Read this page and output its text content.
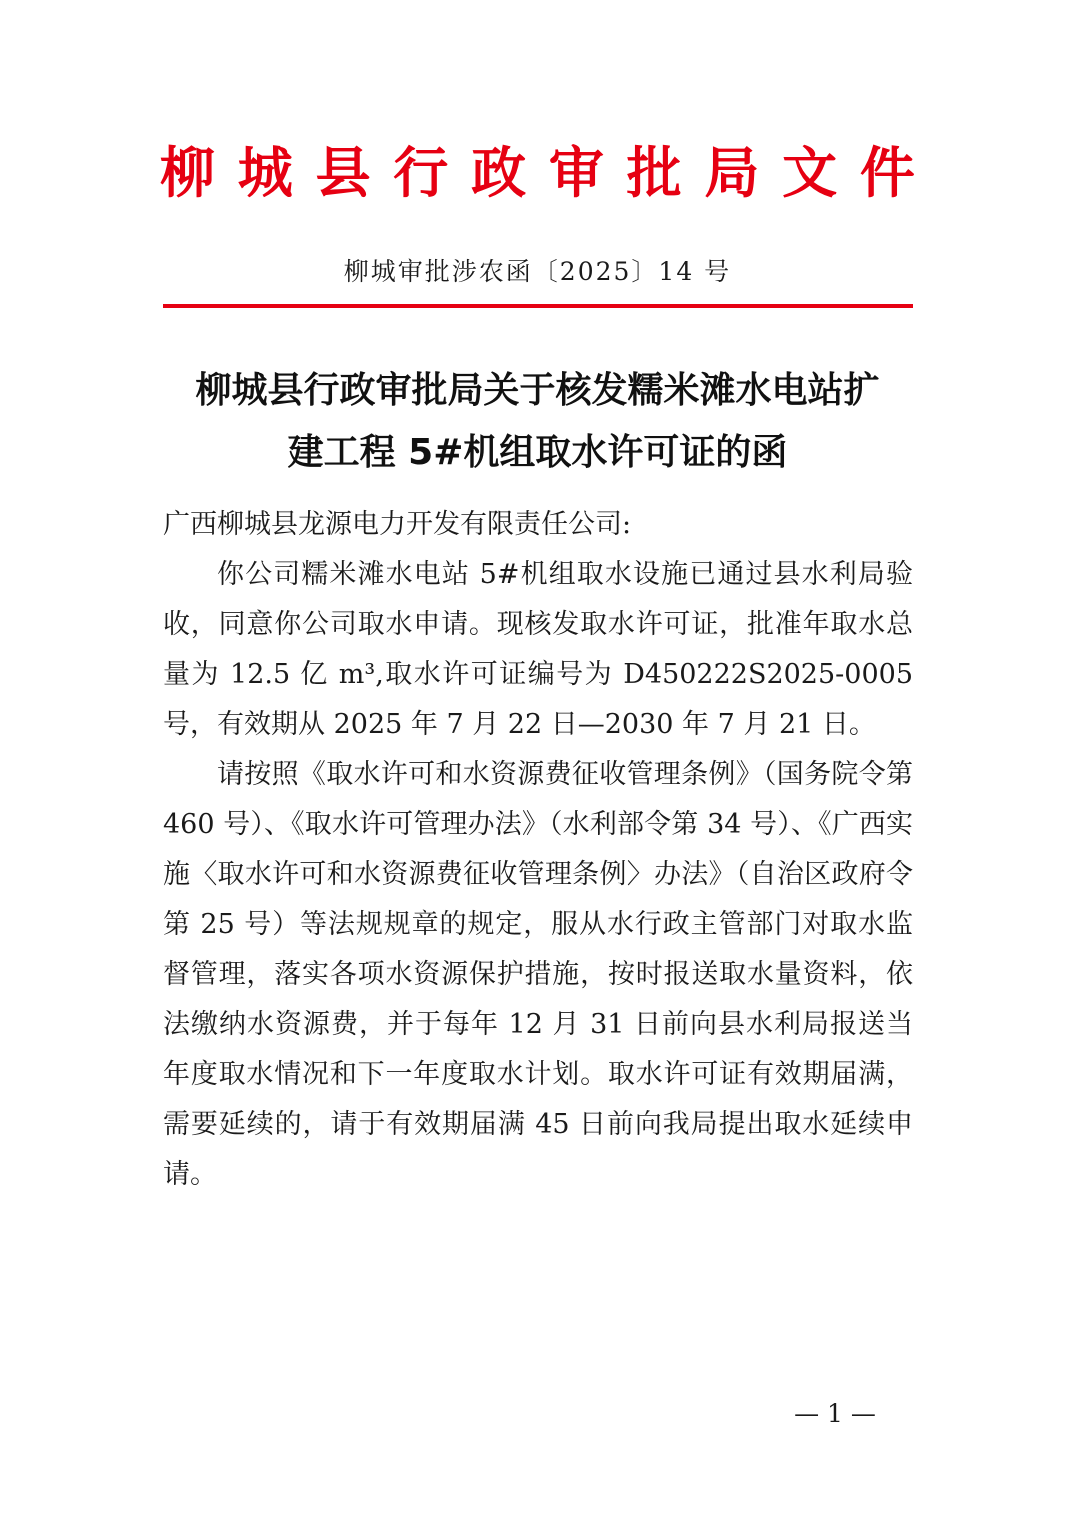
柳 城 县 行 政 审 批 局 文 件
柳城审批涉农函〔2025〕14 号
柳城县行政审批局关于核发糯米滩水电站扩
建工程 5#机组取水许可证的函

广西柳城县龙源电力开发有限责任公司:

你公司糯米滩水电站 5#机组取水设施已通过县水利局验收，同意你公司取水申请。现核发取水许可证，批准年取水总量为 12.5 亿 m³,取水许可证编号为 D450222S2025-0005号，有效期从 2025 年 7 月 22 日—2030 年 7 月 21 日。

请按照《取水许可和水资源费征收管理条例》（国务院令第 460 号）、《取水许可管理办法》（水利部令第 34 号）、《广西实施〈取水许可和水资源费征收管理条例〉办法》（自治区政府令第 25 号）等法规规章的规定，服从水行政主管部门对取水监督管理，落实各项水资源保护措施，按时报送取水量资料，依法缴纳水资源费，并于每年 12 月 31 日前向县水利局报送当年度取水情况和下一年度取水计划。取水许可证有效期届满，需要延续的，请于有效期届满 45 日前向我局提出取水延续申请。

— 1 —
